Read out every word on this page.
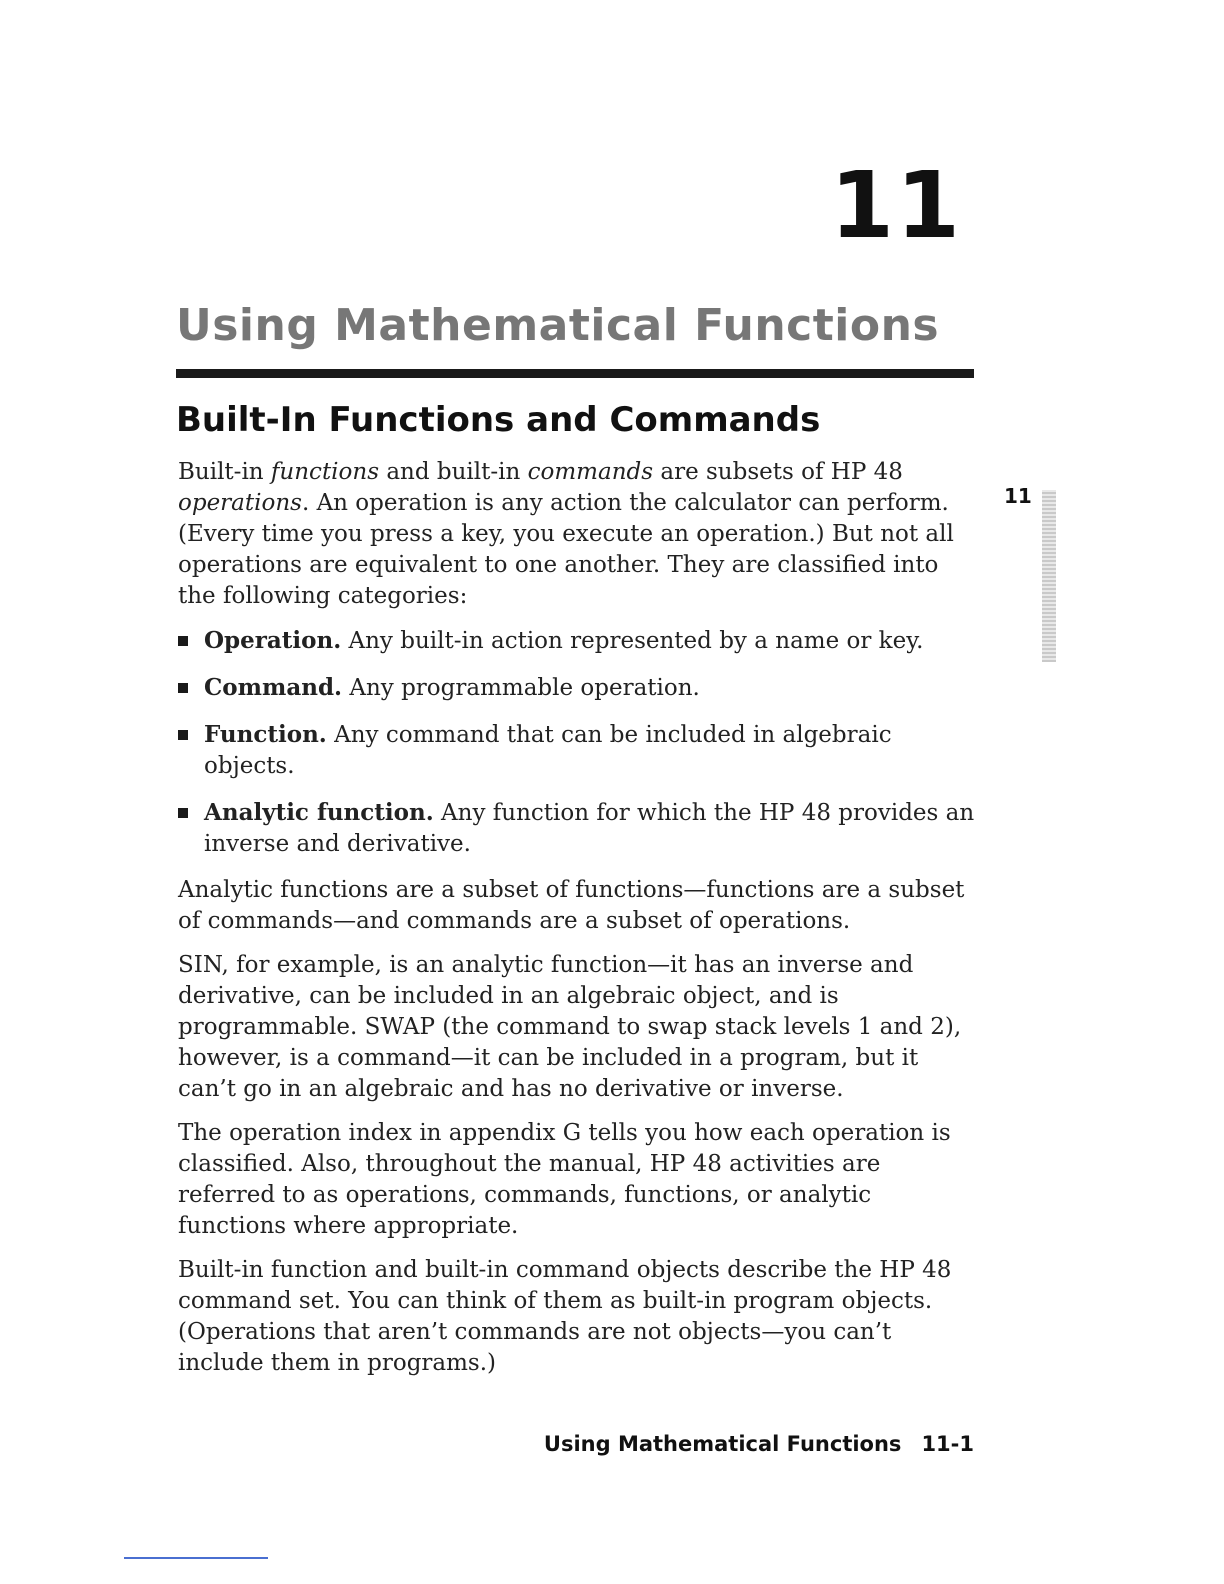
11
Using Mathematical Functions
Built-In Functions and Commands
11

Built-in functions and built-in commands are subsets of HP 48 operations. An operation is any action the calculator can perform. (Every time you press a key, you execute an operation.) But not all operations are equivalent to one another. They are classified into the following categories:

Operation. Any built-in action represented by a name or key.
Command. Any programmable operation.
Function. Any command that can be included in algebraic objects.
Analytic function. Any function for which the HP 48 provides an inverse and derivative.

Analytic functions are a subset of functions—functions are a subset of commands—and commands are a subset of operations.

SIN, for example, is an analytic function—it has an inverse and derivative, can be included in an algebraic object, and is programmable. SWAP (the command to swap stack levels 1 and 2), however, is a command—it can be included in a program, but it can’t go in an algebraic and has no derivative or inverse.

The operation index in appendix G tells you how each operation is classified. Also, throughout the manual, HP 48 activities are referred to as operations, commands, functions, or analytic functions where appropriate.

Built-in function and built-in command objects describe the HP 48 command set. You can think of them as built-in program objects. (Operations that aren’t commands are not objects—you can’t include them in programs.)

Using Mathematical Functions 11-1
